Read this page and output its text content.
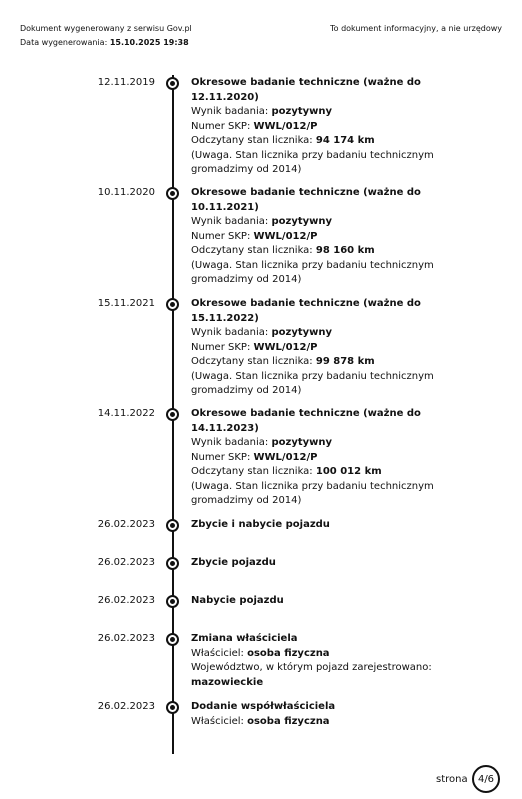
Dokument wygenerowany z serwisu Gov.pl
Data wygenerowania: 15.10.2025 19:38
To dokument informacyjny, a nie urzędowy
12.11.2019	Okresowe badanie techniczne (ważne do 12.11.2020)
Wynik badania: pozytywny
Numer SKP: WWL/012/P
Odczytany stan licznika: 94 174 km
(Uwaga. Stan licznika przy badaniu technicznym gromadzimy od 2014)
10.11.2020	Okresowe badanie techniczne (ważne do 10.11.2021)
Wynik badania: pozytywny
Numer SKP: WWL/012/P
Odczytany stan licznika: 98 160 km
(Uwaga. Stan licznika przy badaniu technicznym gromadzimy od 2014)
15.11.2021	Okresowe badanie techniczne (ważne do 15.11.2022)
Wynik badania: pozytywny
Numer SKP: WWL/012/P
Odczytany stan licznika: 99 878 km
(Uwaga. Stan licznika przy badaniu technicznym gromadzimy od 2014)
14.11.2022	Okresowe badanie techniczne (ważne do 14.11.2023)
Wynik badania: pozytywny
Numer SKP: WWL/012/P
Odczytany stan licznika: 100 012 km
(Uwaga. Stan licznika przy badaniu technicznym gromadzimy od 2014)
26.02.2023	Zbycie i nabycie pojazdu
26.02.2023	Zbycie pojazdu
26.02.2023	Nabycie pojazdu
26.02.2023	Zmiana właściciela
Właściciel: osoba fizyczna
Województwo, w którym pojazd zarejestrowano: mazowieckie
26.02.2023	Dodanie współwłaściciela
Właściciel: osoba fizyczna
strona 4/6
